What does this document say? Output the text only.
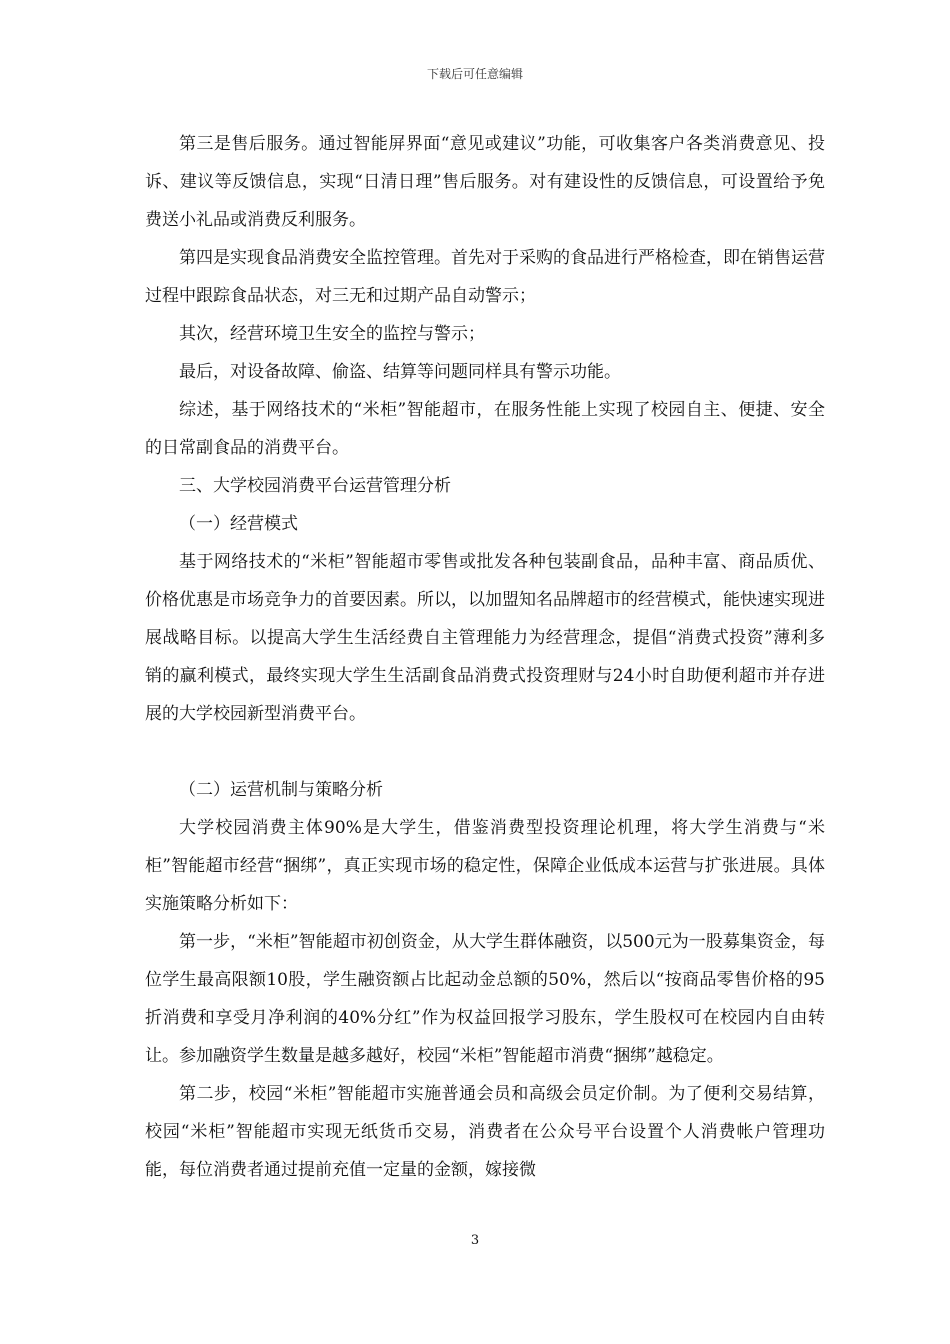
下载后可任意编辑

第三是售后服务。通过智能屏界面“意见或建议”功能，可收集客户各类消费意见、投诉、建议等反馈信息，实现“日清日理”售后服务。对有建设性的反馈信息，可设置给予免费送小礼品或消费反利服务。

第四是实现食品消费安全监控管理。首先对于采购的食品进行严格检查，即在销售运营过程中跟踪食品状态，对三无和过期产品自动警示；

其次，经营环境卫生安全的监控与警示；

最后，对设备故障、偷盗、结算等问题同样具有警示功能。

综述，基于网络技术的“米柜”智能超市，在服务性能上实现了校园自主、便捷、安全的日常副食品的消费平台。

三、大学校园消费平台运营管理分析

（一）经营模式

基于网络技术的“米柜”智能超市零售或批发各种包装副食品，品种丰富、商品质优、价格优惠是市场竞争力的首要因素。所以，以加盟知名品牌超市的经营模式，能快速实现进展战略目标。以提高大学生生活经费自主管理能力为经营理念，提倡“消费式投资”薄利多销的赢利模式，最终实现大学生生活副食品消费式投资理财与24小时自助便利超市并存进展的大学校园新型消费平台。

（二）运营机制与策略分析

大学校园消费主体90%是大学生，借鉴消费型投资理论机理，将大学生消费与“米柜”智能超市经营“捆绑”，真正实现市场的稳定性，保障企业低成本运营与扩张进展。具体实施策略分析如下：

第一步，“米柜”智能超市初创资金，从大学生群体融资，以500元为一股募集资金，每位学生最高限额10股，学生融资额占比起动金总额的50%，然后以“按商品零售价格的95折消费和享受月净利润的40%分红”作为权益回报学习股东，学生股权可在校园内自由转让。参加融资学生数量是越多越好，校园“米柜”智能超市消费“捆绑”越稳定。

第二步，校园“米柜”智能超市实施普通会员和高级会员定价制。为了便利交易结算，校园“米柜”智能超市实现无纸货币交易，消费者在公众号平台设置个人消费帐户管理功能，每位消费者通过提前充值一定量的金额，嫁接微

3
